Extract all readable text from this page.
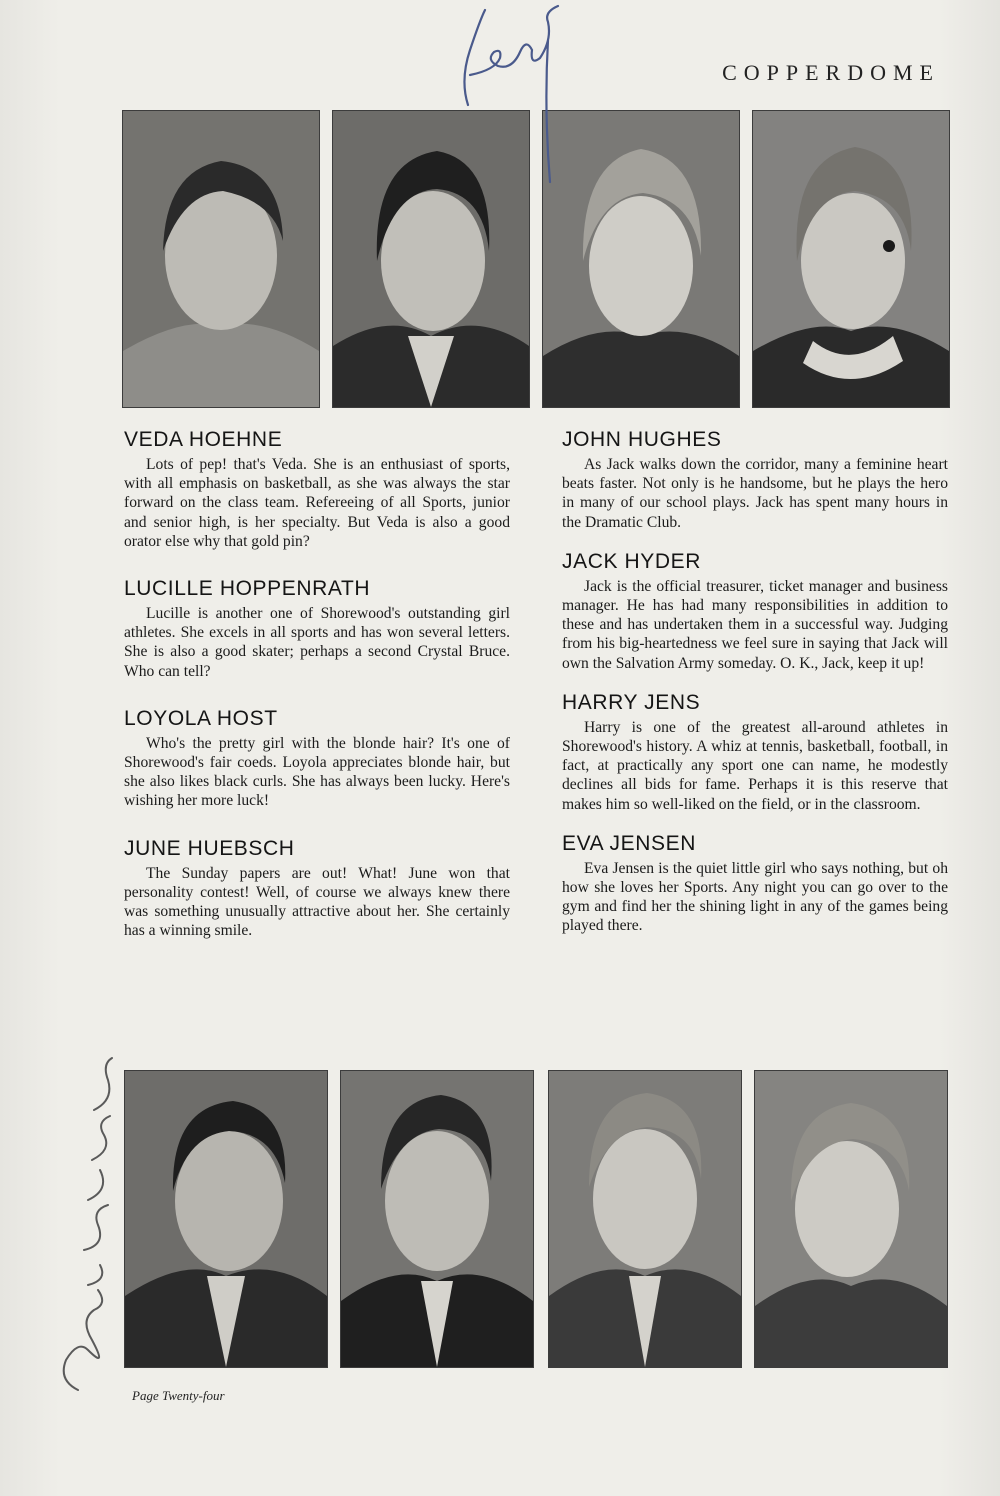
COPPERDOME
VEDA HOEHNE

Lots of pep! that's Veda. She is an enthusiast of sports, with all emphasis on basketball, as she was always the star forward on the class team. Refereeing of all Sports, junior and senior high, is her specialty. But Veda is also a good orator else why that gold pin?

LUCILLE HOPPENRATH

Lucille is another one of Shorewood's outstanding girl athletes. She excels in all sports and has won several letters. She is also a good skater; perhaps a second Crystal Bruce. Who can tell?

LOYOLA HOST

Who's the pretty girl with the blonde hair? It's one of Shorewood's fair coeds. Loyola appreciates blonde hair, but she also likes black curls. She has always been lucky. Here's wishing her more luck!

JUNE HUEBSCH

The Sunday papers are out! What! June won that personality contest! Well, of course we always knew there was something unusually attractive about her. She certainly has a winning smile.

JOHN HUGHES

As Jack walks down the corridor, many a feminine heart beats faster. Not only is he handsome, but he plays the hero in many of our school plays. Jack has spent many hours in the Dramatic Club.

JACK HYDER

Jack is the official treasurer, ticket manager and business manager. He has had many responsibilities in addition to these and has undertaken them in a successful way. Judging from his big-heartedness we feel sure in saying that Jack will own the Salvation Army someday. O. K., Jack, keep it up!

HARRY JENS

Harry is one of the greatest all-around athletes in Shorewood's history. A whiz at tennis, basketball, football, in fact, at practically any sport one can name, he modestly declines all bids for fame. Perhaps it is this reserve that makes him so well-liked on the field, or in the classroom.

EVA JENSEN

Eva Jensen is the quiet little girl who says nothing, but oh how she loves her Sports. Any night you can go over to the gym and find her the shining light in any of the games being played there.

Page Twenty-four
